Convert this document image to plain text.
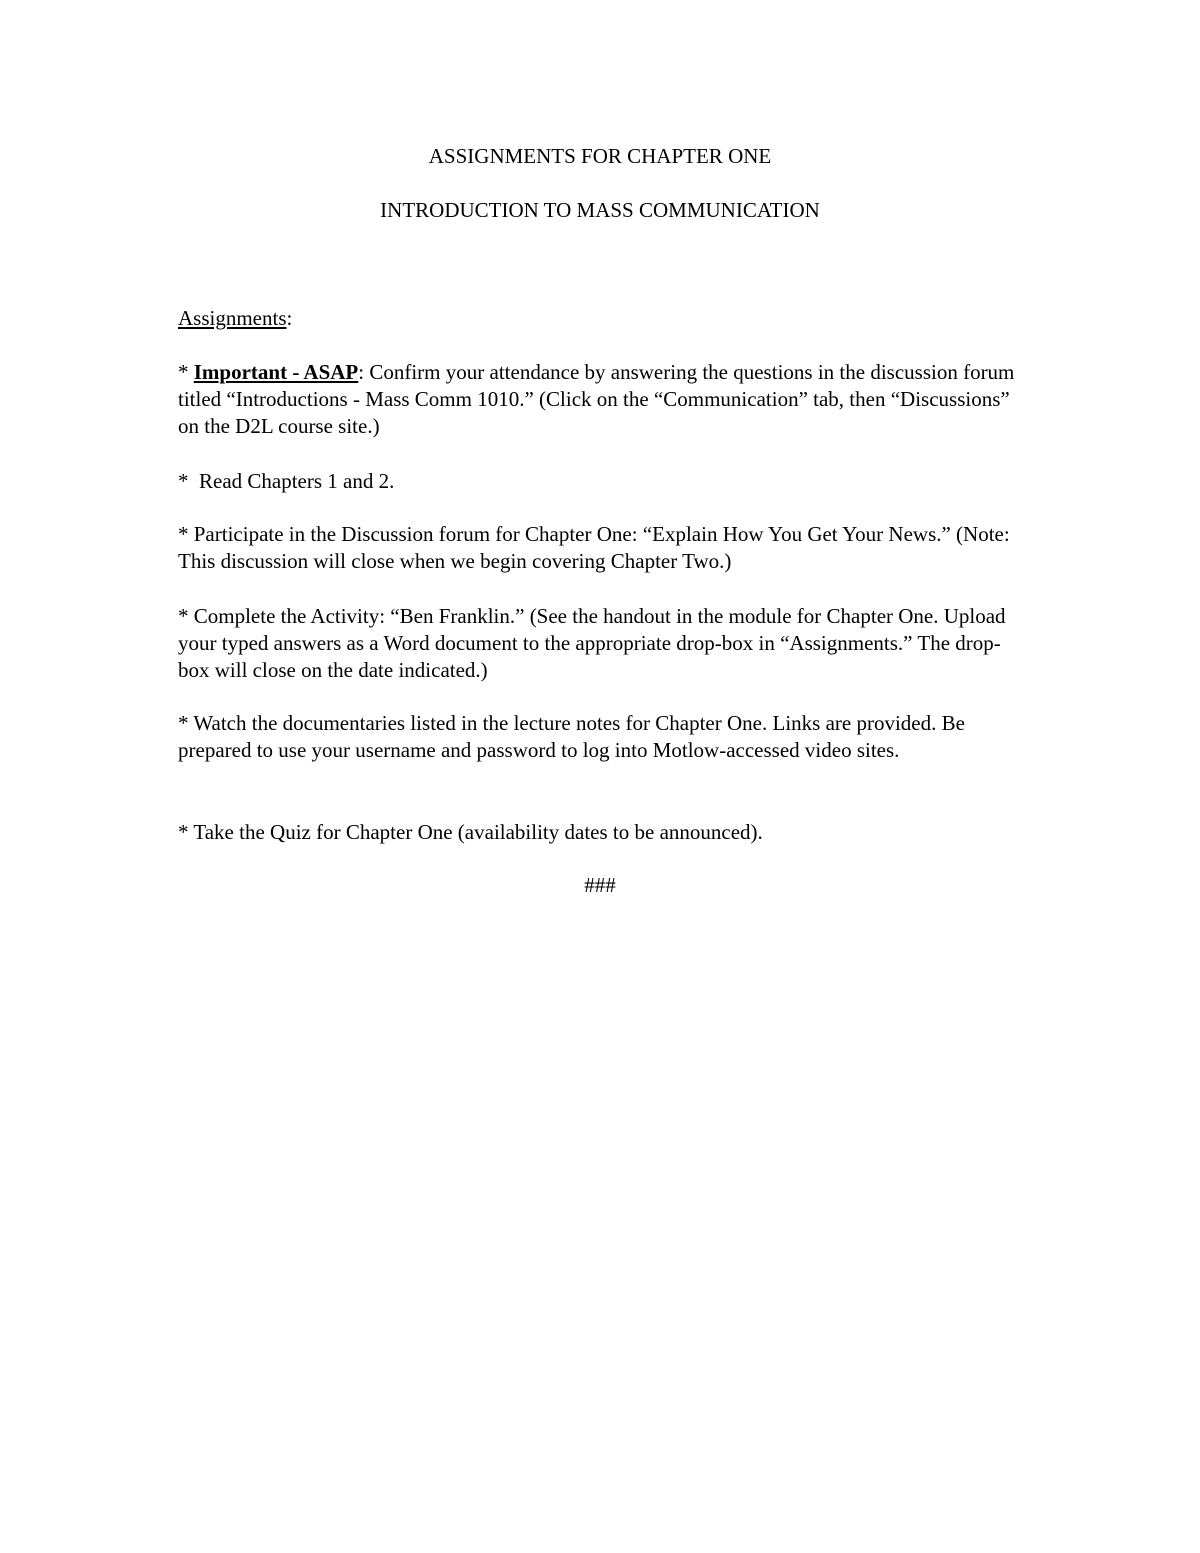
ASSIGNMENTS FOR CHAPTER ONE
INTRODUCTION TO MASS COMMUNICATION
Assignments:

* Important - ASAP: Confirm your attendance by answering the questions in the discussion forum titled “Introductions - Mass Comm 1010.” (Click on the “Communication” tab, then “Discussions” on the D2L course site.)

*  Read Chapters 1 and 2.

* Participate in the Discussion forum for Chapter One: “Explain How You Get Your News.” (Note: This discussion will close when we begin covering Chapter Two.)

* Complete the Activity: “Ben Franklin.” (See the handout in the module for Chapter One. Upload your typed answers as a Word document to the appropriate drop-box in “Assignments.” The drop-box will close on the date indicated.)

* Watch the documentaries listed in the lecture notes for Chapter One. Links are provided. Be prepared to use your username and password to log into Motlow-accessed video sites.

* Take the Quiz for Chapter One (availability dates to be announced).

###
